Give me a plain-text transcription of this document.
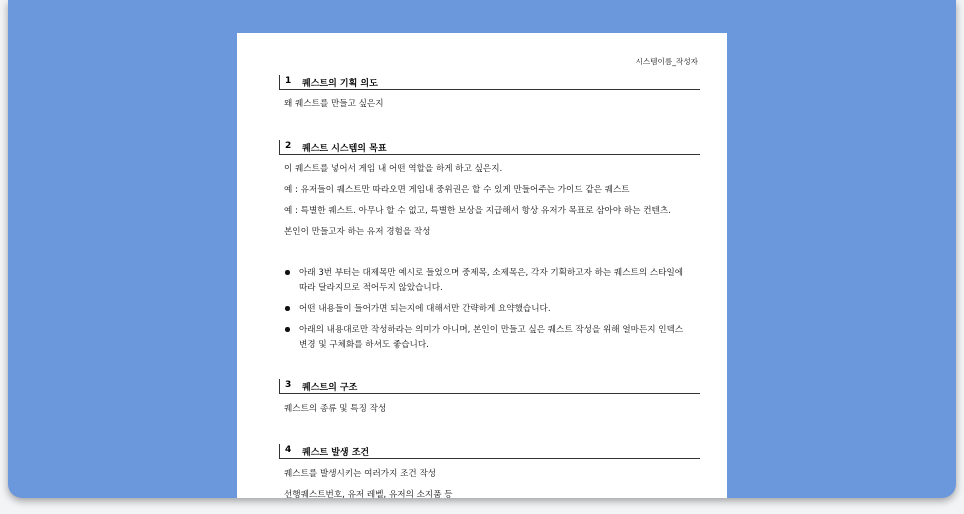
시스템이름_작성자
1 퀘스트의 기획 의도
왜 퀘스트를 만들고 싶은지
2 퀘스트 시스템의 목표
이 퀘스트를 넣어서 게임 내 어떤 역할을 하게 하고 싶은지.
예 : 유저들이 퀘스트만 따라오면 게임내 중위권은 할 수 있게 만들어주는 가이드 같은 퀘스트
예 : 특별한 퀘스트. 아무나 할 수 없고, 특별한 보상을 지급해서 항상 유저가 목표로 삼아야 하는 컨텐츠.
본인이 만들고자 하는 유저 경험을 작성
아래 3번 부터는 대제목만 예시로 들었으며 중제목, 소제목은, 각자 기획하고자 하는 퀘스트의 스타일에
따라 달라지므로 적어두지 않았습니다.
어떤 내용들이 들어가면 되는지에 대해서만 간략하게 요약했습니다.
아래의 내용대로만 작성하라는 의미가 아니며, 본인이 만들고 싶은 퀘스트 작성을 위해 얼마든지 인덱스
변경 및 구체화를 하셔도 좋습니다.
3 퀘스트의 구조
퀘스트의 종류 및 특징 작성
4 퀘스트 발생 조건
퀘스트를 발생시키는 여러가지 조건 작성
선행퀘스트번호, 유저 레벨, 유저의 소지품 등
